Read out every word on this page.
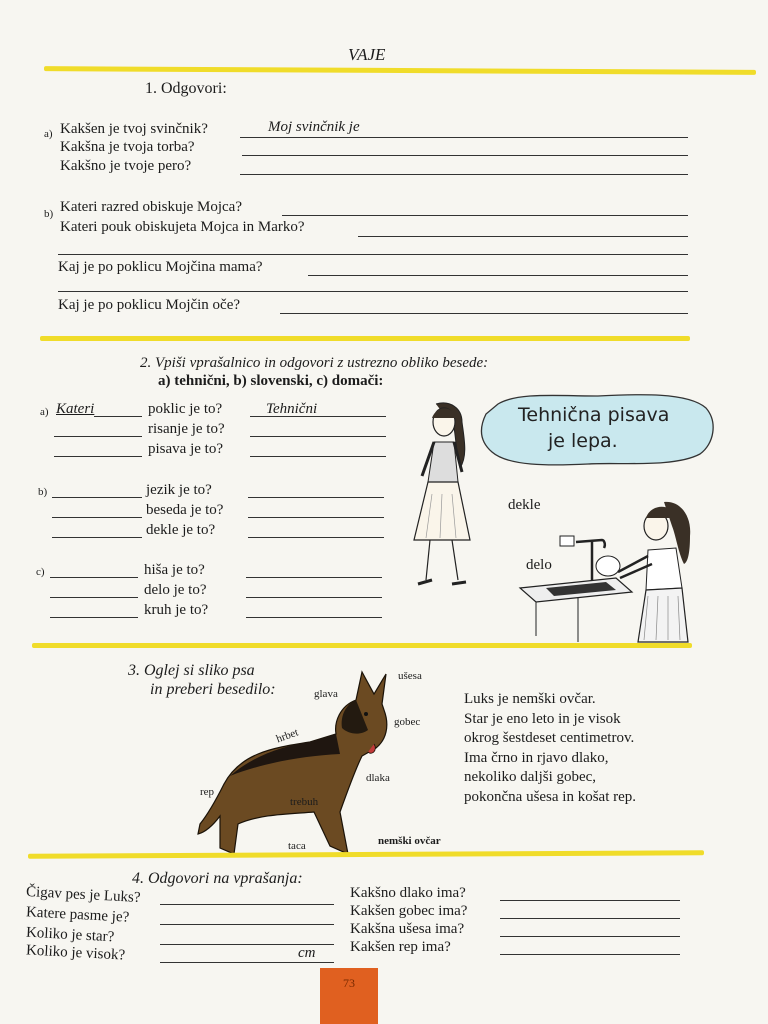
VAJE
1. Odgovori:
a) Kakšen je tvoj svinčnik?	Moj svinčnik je
Kakšna je tvoja torba?
Kakšno je tvoje pero?
b) Kateri razred obiskuje Mojca?
Kateri pouk obiskujeta Mojca in Marko?
Kaj je po poklicu Mojčina mama?
Kaj je po poklicu Mojčin oče?
2. Vpiši vprašalnico in odgovori z ustrezno obliko besede:
a) tehnični, b) slovenski, c) domači:
a) Kateri	poklic je to?	Tehnični
risanje je to?
pisava je to?
b)	jezik je to?
beseda je to?
dekle je to?
c)	hiša je to?
delo je to?
kruh je to?
Tehnična pisava
je lepa.
dekle
delo
3. Oglej si sliko psa
in preberi besedilo:	glava
ušesa
hrbet
gobec
dlaka
rep
trebuh
taca	nemški ovčar
Luks je nemški ovčar.
Star je eno leto in je visok
okrog šestdeset centimetrov.
Ima črno in rjavo dlako,
nekoliko daljši gobec,
pokončna ušesa in košat rep.
4. Odgovori na vprašanja:
Čigav pes je Luks?
Katere pasme je?
Koliko je star?
Koliko je visok?	cm
Kakšno dlako ima?
Kakšen gobec ima?
Kakšna ušesa ima?
Kakšen rep ima?
73
